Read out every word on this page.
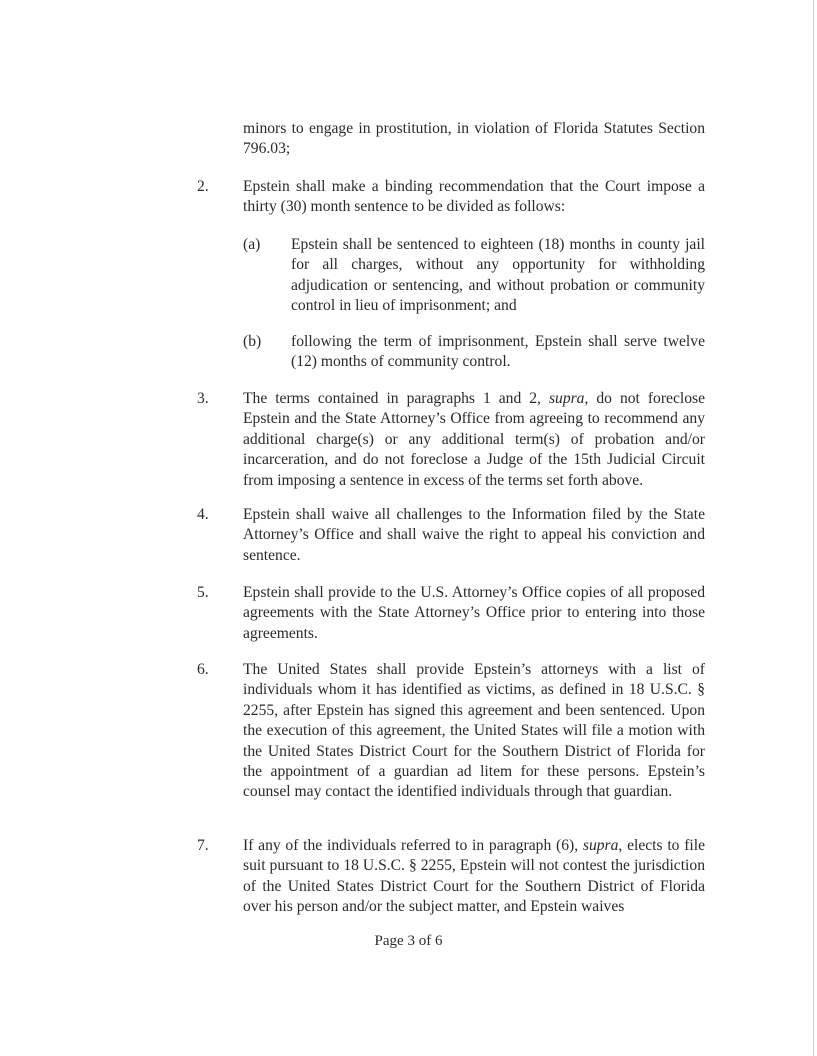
minors to engage in prostitution, in violation of Florida Statutes Section 796.03;

2. Epstein shall make a binding recommendation that the Court impose a thirty (30) month sentence to be divided as follows:

(a) Epstein shall be sentenced to eighteen (18) months in county jail for all charges, without any opportunity for withholding adjudication or sentencing, and without probation or community control in lieu of imprisonment; and

(b) following the term of imprisonment, Epstein shall serve twelve (12) months of community control.

3. The terms contained in paragraphs 1 and 2, supra, do not foreclose Epstein and the State Attorney’s Office from agreeing to recommend any additional charge(s) or any additional term(s) of probation and/or incarceration, and do not foreclose a Judge of the 15th Judicial Circuit from imposing a sentence in excess of the terms set forth above.

4. Epstein shall waive all challenges to the Information filed by the State Attorney’s Office and shall waive the right to appeal his conviction and sentence.

5. Epstein shall provide to the U.S. Attorney’s Office copies of all proposed agreements with the State Attorney’s Office prior to entering into those agreements.

6. The United States shall provide Epstein’s attorneys with a list of individuals whom it has identified as victims, as defined in 18 U.S.C. § 2255, after Epstein has signed this agreement and been sentenced. Upon the execution of this agreement, the United States will file a motion with the United States District Court for the Southern District of Florida for the appointment of a guardian ad litem for these persons. Epstein’s counsel may contact the identified individuals through that guardian.

7. If any of the individuals referred to in paragraph (6), supra, elects to file suit pursuant to 18 U.S.C. § 2255, Epstein will not contest the jurisdiction of the United States District Court for the Southern District of Florida over his person and/or the subject matter, and Epstein waives

Page 3 of 6
